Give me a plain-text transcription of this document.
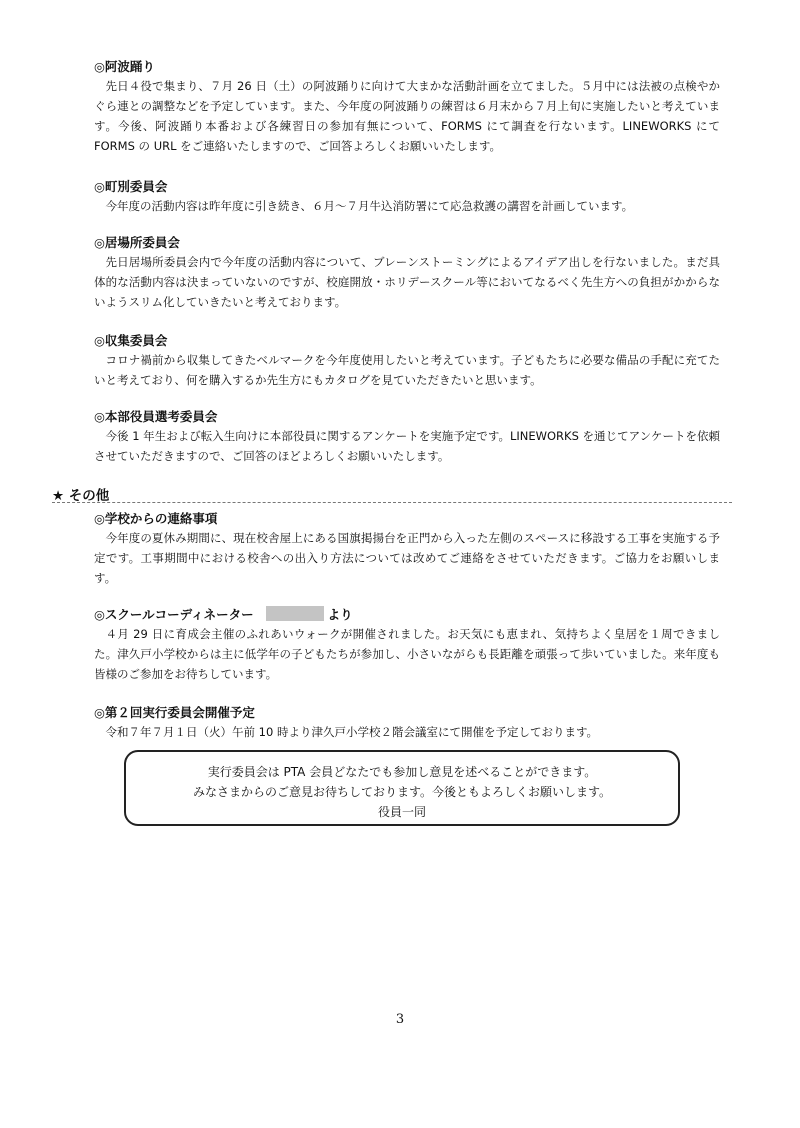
◎阿波踊り

先日４役で集まり、７月 26 日（土）の阿波踊りに向けて大まかな活動計画を立てました。５月中には法被の点検やかぐら連との調整などを予定しています。また、今年度の阿波踊りの練習は６月末から７月上旬に実施したいと考えています。今後、阿波踊り本番および各練習日の参加有無について、FORMS にて調査を行ないます。LINEWORKS にて FORMS の URL をご連絡いたしますので、ご回答よろしくお願いいたします。

◎町別委員会

今年度の活動内容は昨年度に引き続き、６月～７月牛込消防署にて応急救護の講習を計画しています。

◎居場所委員会

先日居場所委員会内で今年度の活動内容について、ブレーンストーミングによるアイデア出しを行ないました。まだ具体的な活動内容は決まっていないのですが、校庭開放・ホリデースクール等においてなるべく先生方への負担がかからないようスリム化していきたいと考えております。

◎収集委員会

コロナ禍前から収集してきたベルマークを今年度使用したいと考えています。子どもたちに必要な備品の手配に充てたいと考えており、何を購入するか先生方にもカタログを見ていただきたいと思います。

◎本部役員選考委員会

今後 1 年生および転入生向けに本部役員に関するアンケートを実施予定です。LINEWORKS を通じてアンケートを依頼させていただきますので、ご回答のほどよろしくお願いいたします。

★ その他

◎学校からの連絡事項

今年度の夏休み期間に、現在校舎屋上にある国旗掲揚台を正門から入った左側のスペースに移設する工事を実施する予定です。工事期間中における校舎への出入り方法については改めてご連絡をさせていただきます。ご協力をお願いします。

◎スクールコーディネーター	より

４月 29 日に育成会主催のふれあいウォークが開催されました。お天気にも恵まれ、気持ちよく皇居を１周できました。津久戸小学校からは主に低学年の子どもたちが参加し、小さいながらも長距離を頑張って歩いていました。来年度も皆様のご参加をお待ちしています。

◎第２回実行委員会開催予定

令和７年７月１日（火）午前 10 時より津久戸小学校２階会議室にて開催を予定しております。

実行委員会は PTA 会員どなたでも参加し意見を述べることができます。

みなさまからのご意見お待ちしております。今後ともよろしくお願いします。

役員一同

3
